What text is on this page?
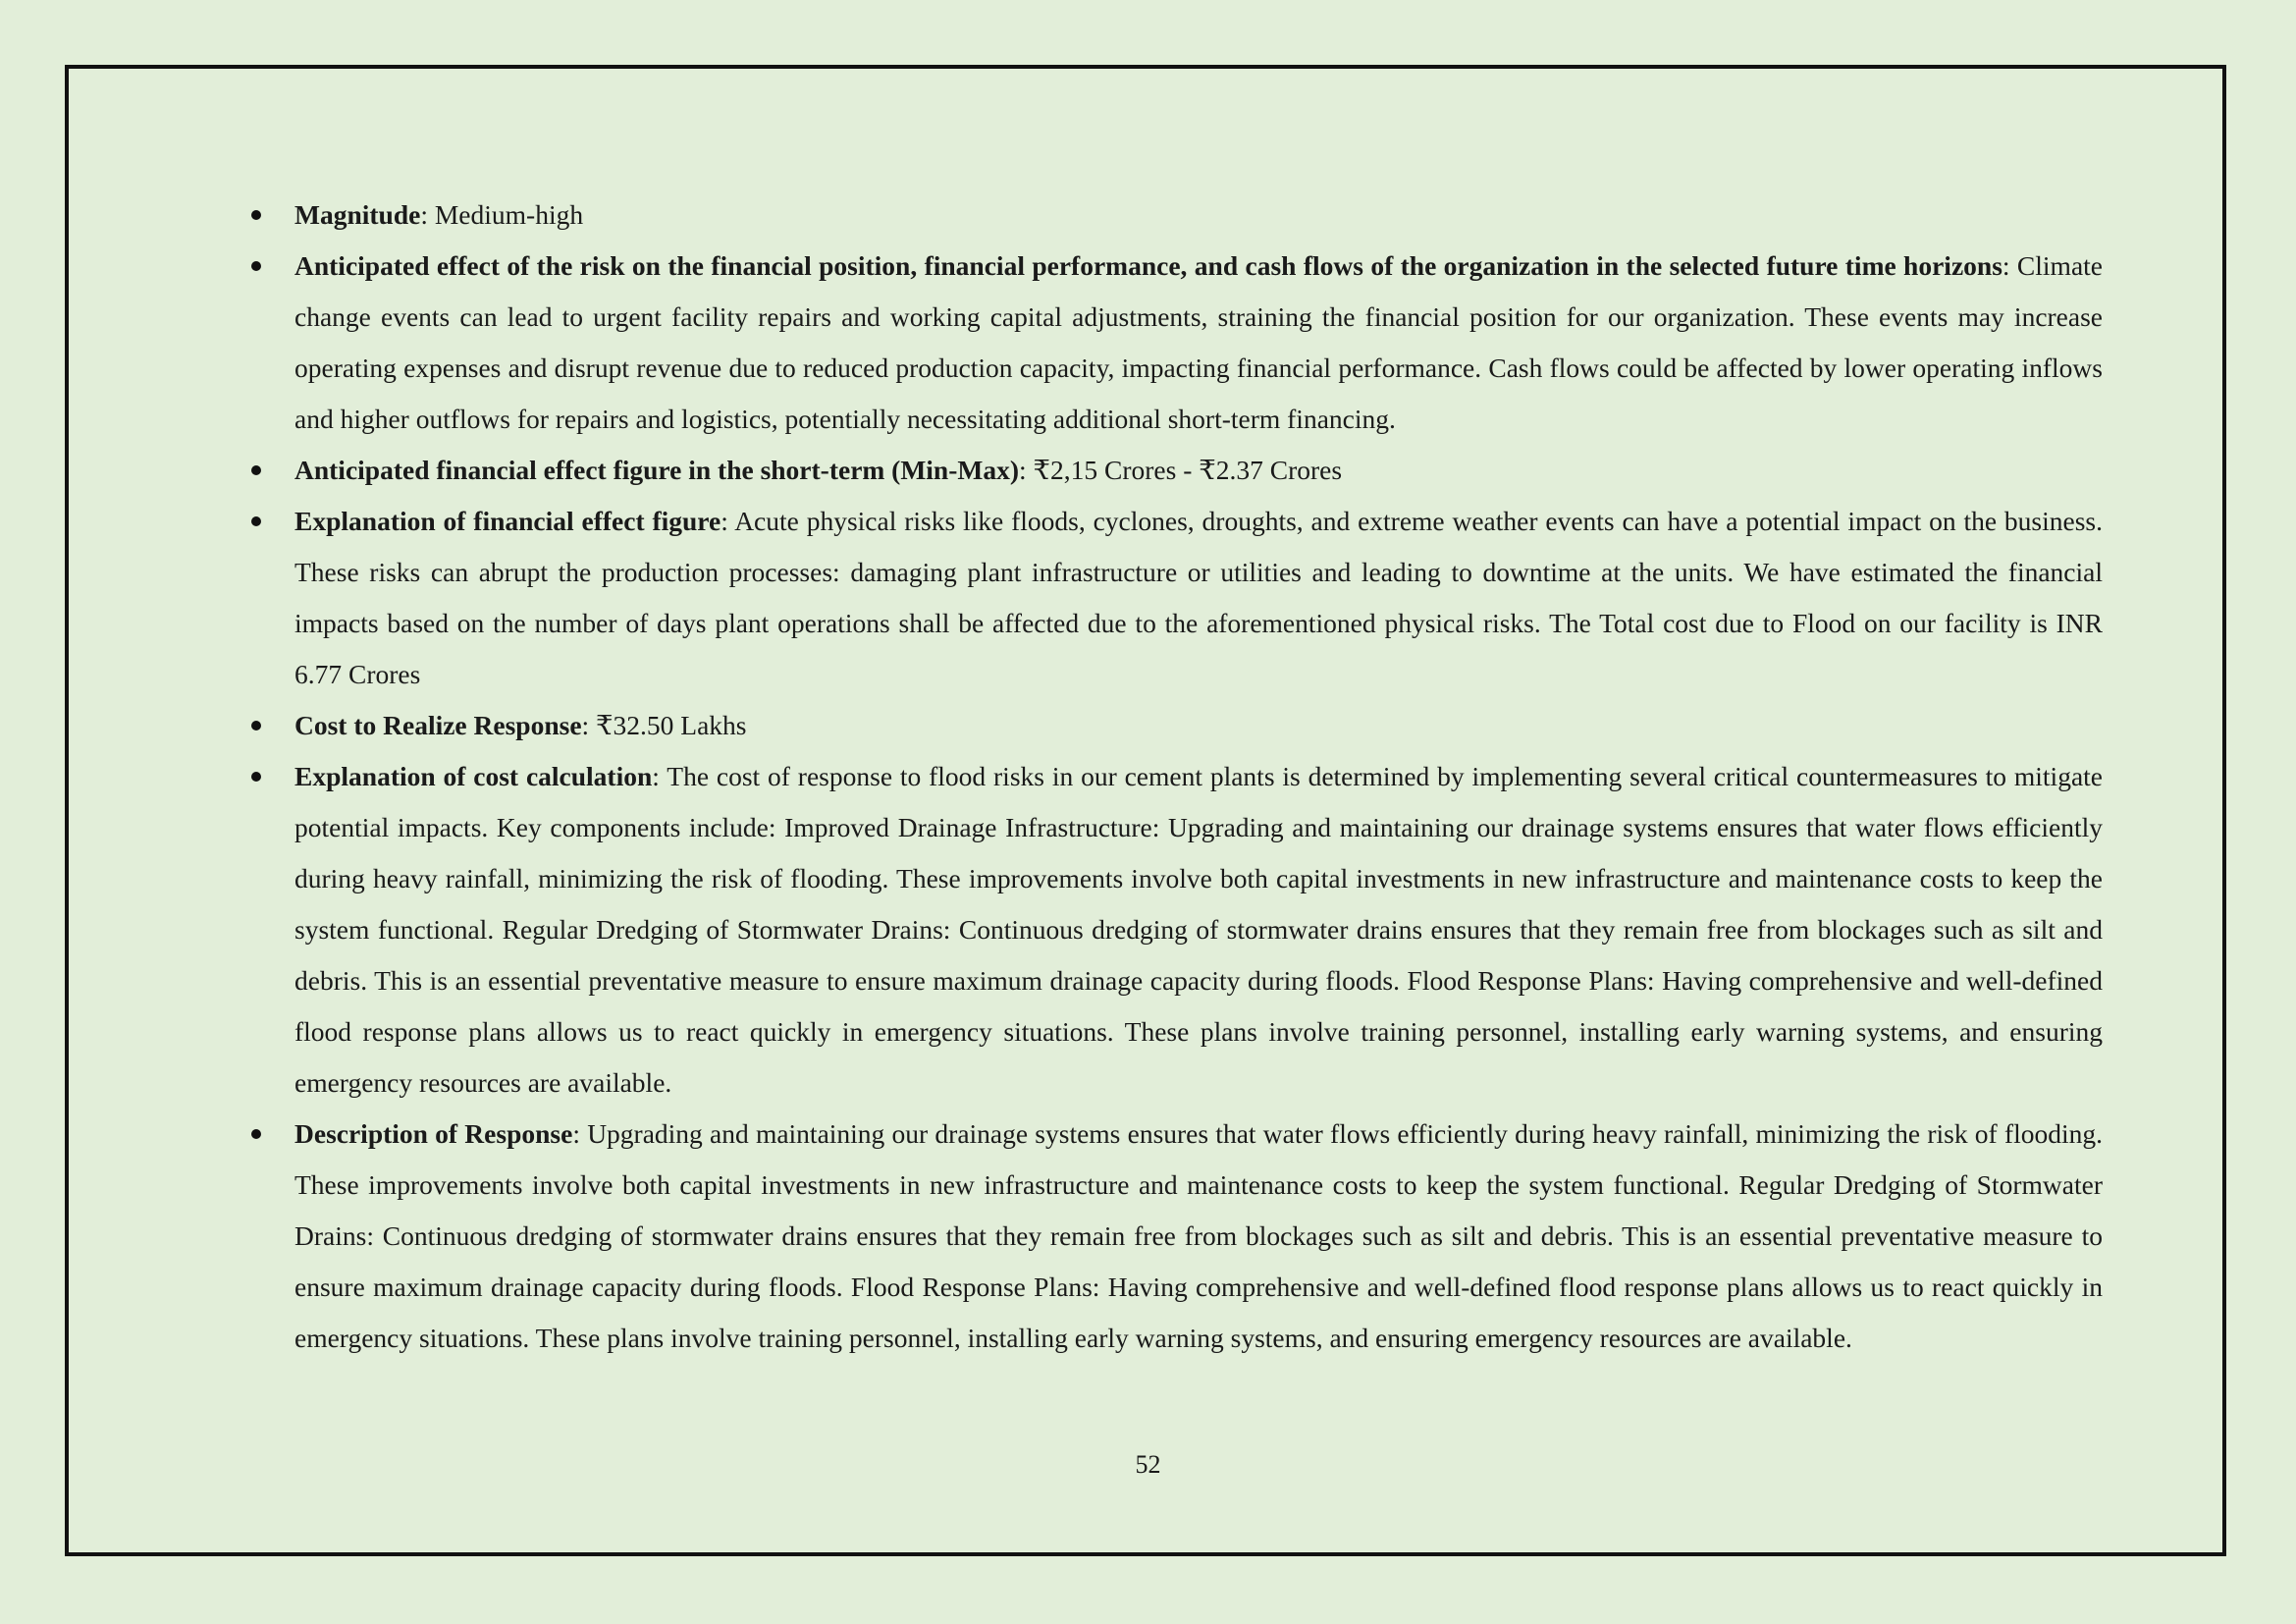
Magnitude: Medium-high
Anticipated effect of the risk on the financial position, financial performance, and cash flows of the organization in the selected future time horizons: Climate change events can lead to urgent facility repairs and working capital adjustments, straining the financial position for our organization. These events may increase operating expenses and disrupt revenue due to reduced production capacity, impacting financial performance. Cash flows could be affected by lower operating inflows and higher outflows for repairs and logistics, potentially necessitating additional short-term financing.
Anticipated financial effect figure in the short-term (Min-Max): ₹2,15 Crores - ₹2.37 Crores
Explanation of financial effect figure: Acute physical risks like floods, cyclones, droughts, and extreme weather events can have a potential impact on the business. These risks can abrupt the production processes: damaging plant infrastructure or utilities and leading to downtime at the units. We have estimated the financial impacts based on the number of days plant operations shall be affected due to the aforementioned physical risks. The Total cost due to Flood on our facility is INR 6.77 Crores
Cost to Realize Response: ₹32.50 Lakhs
Explanation of cost calculation: The cost of response to flood risks in our cement plants is determined by implementing several critical countermeasures to mitigate potential impacts. Key components include: Improved Drainage Infrastructure: Upgrading and maintaining our drainage systems ensures that water flows efficiently during heavy rainfall, minimizing the risk of flooding. These improvements involve both capital investments in new infrastructure and maintenance costs to keep the system functional. Regular Dredging of Stormwater Drains: Continuous dredging of stormwater drains ensures that they remain free from blockages such as silt and debris. This is an essential preventative measure to ensure maximum drainage capacity during floods. Flood Response Plans: Having comprehensive and well-defined flood response plans allows us to react quickly in emergency situations. These plans involve training personnel, installing early warning systems, and ensuring emergency resources are available.
Description of Response: Upgrading and maintaining our drainage systems ensures that water flows efficiently during heavy rainfall, minimizing the risk of flooding. These improvements involve both capital investments in new infrastructure and maintenance costs to keep the system functional. Regular Dredging of Stormwater Drains: Continuous dredging of stormwater drains ensures that they remain free from blockages such as silt and debris. This is an essential preventative measure to ensure maximum drainage capacity during floods. Flood Response Plans: Having comprehensive and well-defined flood response plans allows us to react quickly in emergency situations. These plans involve training personnel, installing early warning systems, and ensuring emergency resources are available.
52
